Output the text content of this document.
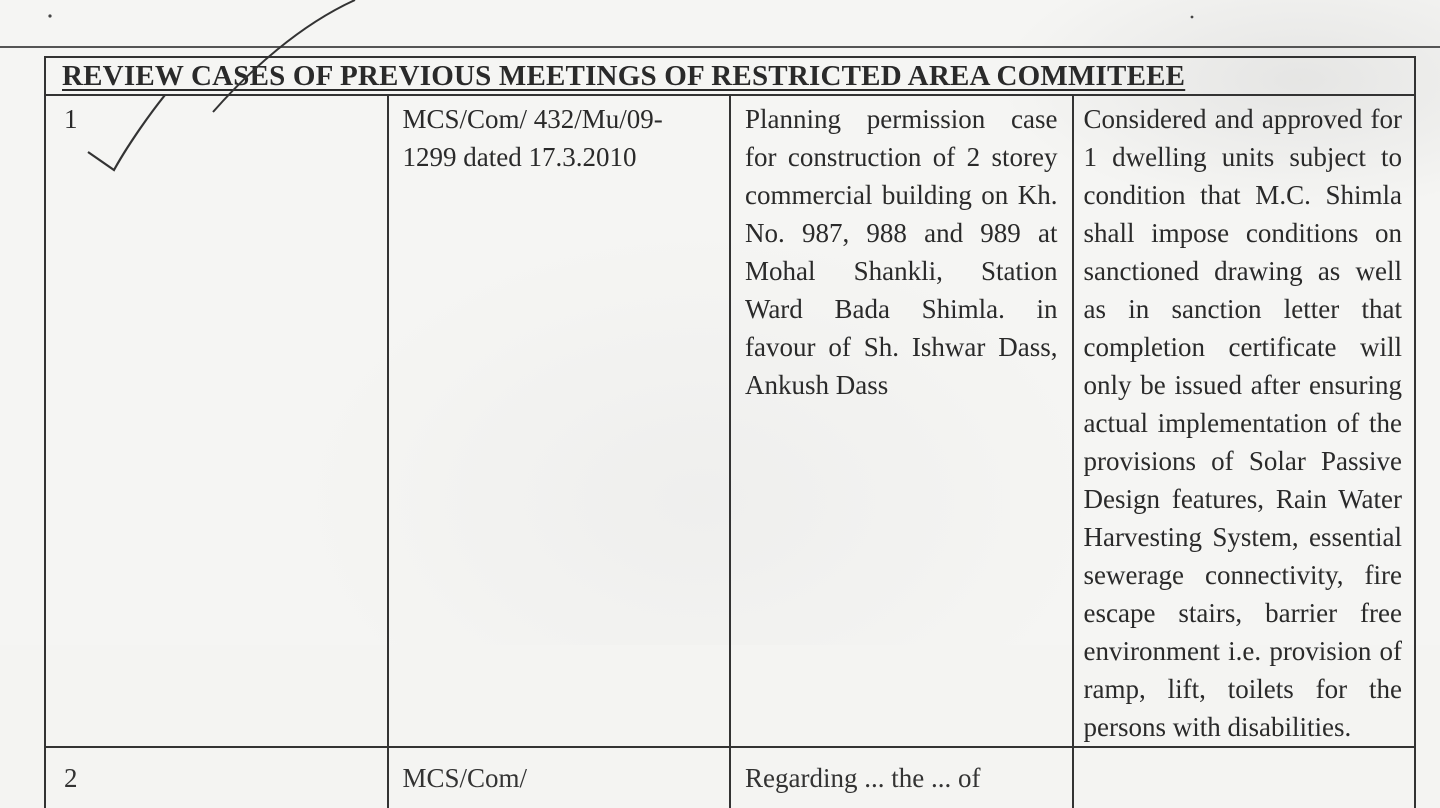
REVIEW CASES OF PREVIOUS MEETINGS OF RESTRICTED AREA COMMITEEE			
1	MCS/Com/ 432/Mu/09-1299 dated 17.3.2010	Planning permission case for construction of 2 storey commercial building on Kh. No. 987, 988 and 989 at Mohal Shankli, Station Ward Bada Shimla. in favour of Sh. Ishwar Dass, Ankush Dass	Considered and approved for 1 dwelling units subject to condition that M.C. Shimla shall impose conditions on sanctioned drawing as well as in sanction letter that completion certificate will only be issued after ensuring actual implementation of the provisions of Solar Passive Design features, Rain Water Harvesting System, essential sewerage connectivity, fire escape stairs, barrier free environment i.e. provision of ramp, lift, toilets for the persons with disabilities.

2	MCS/Com/	Regarding ... the ... of	
